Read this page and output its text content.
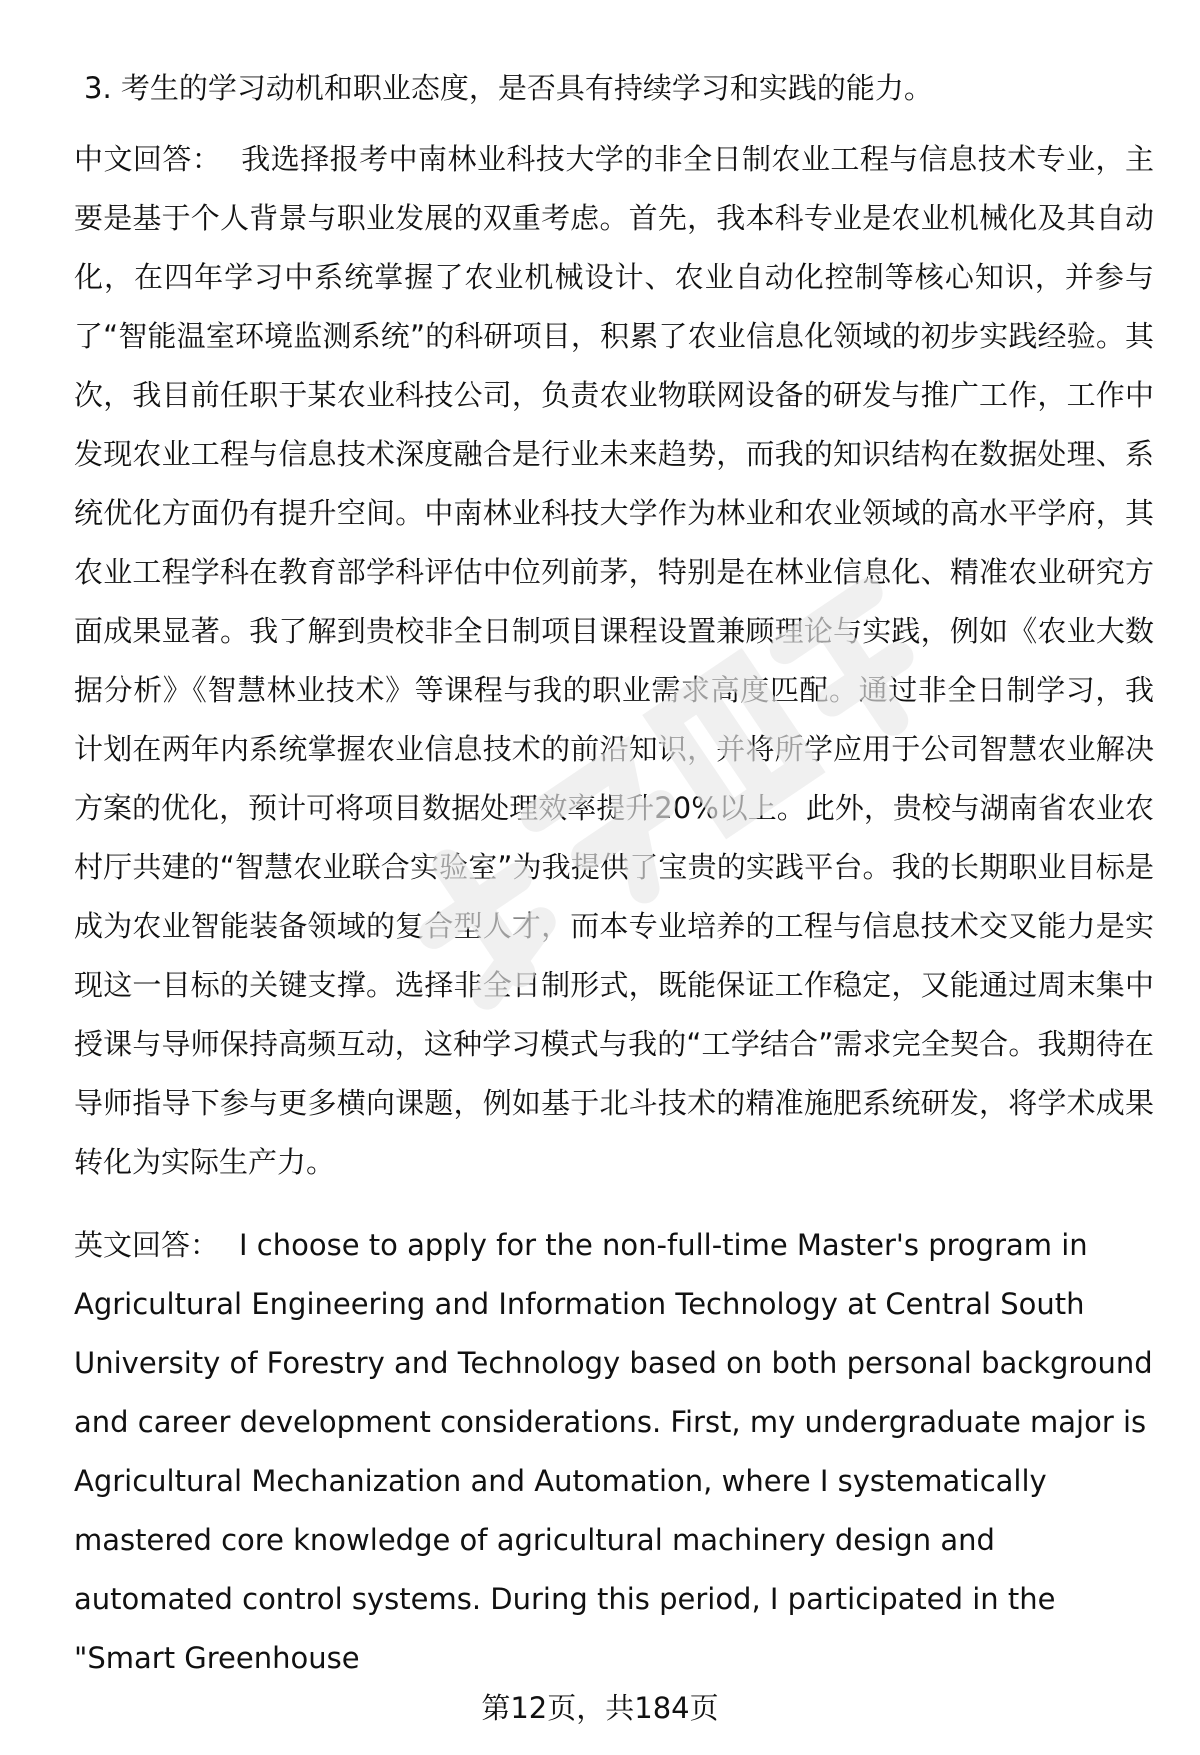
3. 考生的学习动机和职业态度，是否具有持续学习和实践的能力。

中文回答： 我选择报考中南林业科技大学的非全日制农业工程与信息技术专业，主要是基于个人背景与职业发展的双重考虑。首先，我本科专业是农业机械化及其自动化，在四年学习中系统掌握了农业机械设计、农业自动化控制等核心知识，并参与了“智能温室环境监测系统”的科研项目，积累了农业信息化领域的初步实践经验。其次，我目前任职于某农业科技公司，负责农业物联网设备的研发与推广工作，工作中发现农业工程与信息技术深度融合是行业未来趋势，而我的知识结构在数据处理、系统优化方面仍有提升空间。中南林业科技大学作为林业和农业领域的高水平学府，其农业工程学科在教育部学科评估中位列前茅，特别是在林业信息化、精准农业研究方面成果显著。我了解到贵校非全日制项目课程设置兼顾理论与实践，例如《农业大数据分析》《智慧林业技术》等课程与我的职业需求高度匹配。通过非全日制学习，我计划在两年内系统掌握农业信息技术的前沿知识，并将所学应用于公司智慧农业解决方案的优化，预计可将项目数据处理效率提升20%以上。此外，贵校与湖南省农业农村厅共建的“智慧农业联合实验室”为我提供了宝贵的实践平台。我的长期职业目标是成为农业智能装备领域的复合型人才，而本专业培养的工程与信息技术交叉能力是实现这一目标的关键支撑。选择非全日制形式，既能保证工作稳定，又能通过周末集中授课与导师保持高频互动，这种学习模式与我的“工学结合”需求完全契合。我期待在导师指导下参与更多横向课题，例如基于北斗技术的精准施肥系统研发，将学术成果转化为实际生产力。

英文回答： I choose to apply for the non-full-time Master's program in Agricultural Engineering and Information Technology at Central South University of Forestry and Technology based on both personal background and career development considerations. First, my undergraduate major is Agricultural Mechanization and Automation, where I systematically mastered core knowledge of agricultural machinery design and automated control systems. During this period, I participated in the "Smart Greenhouse

第12页，共184页
